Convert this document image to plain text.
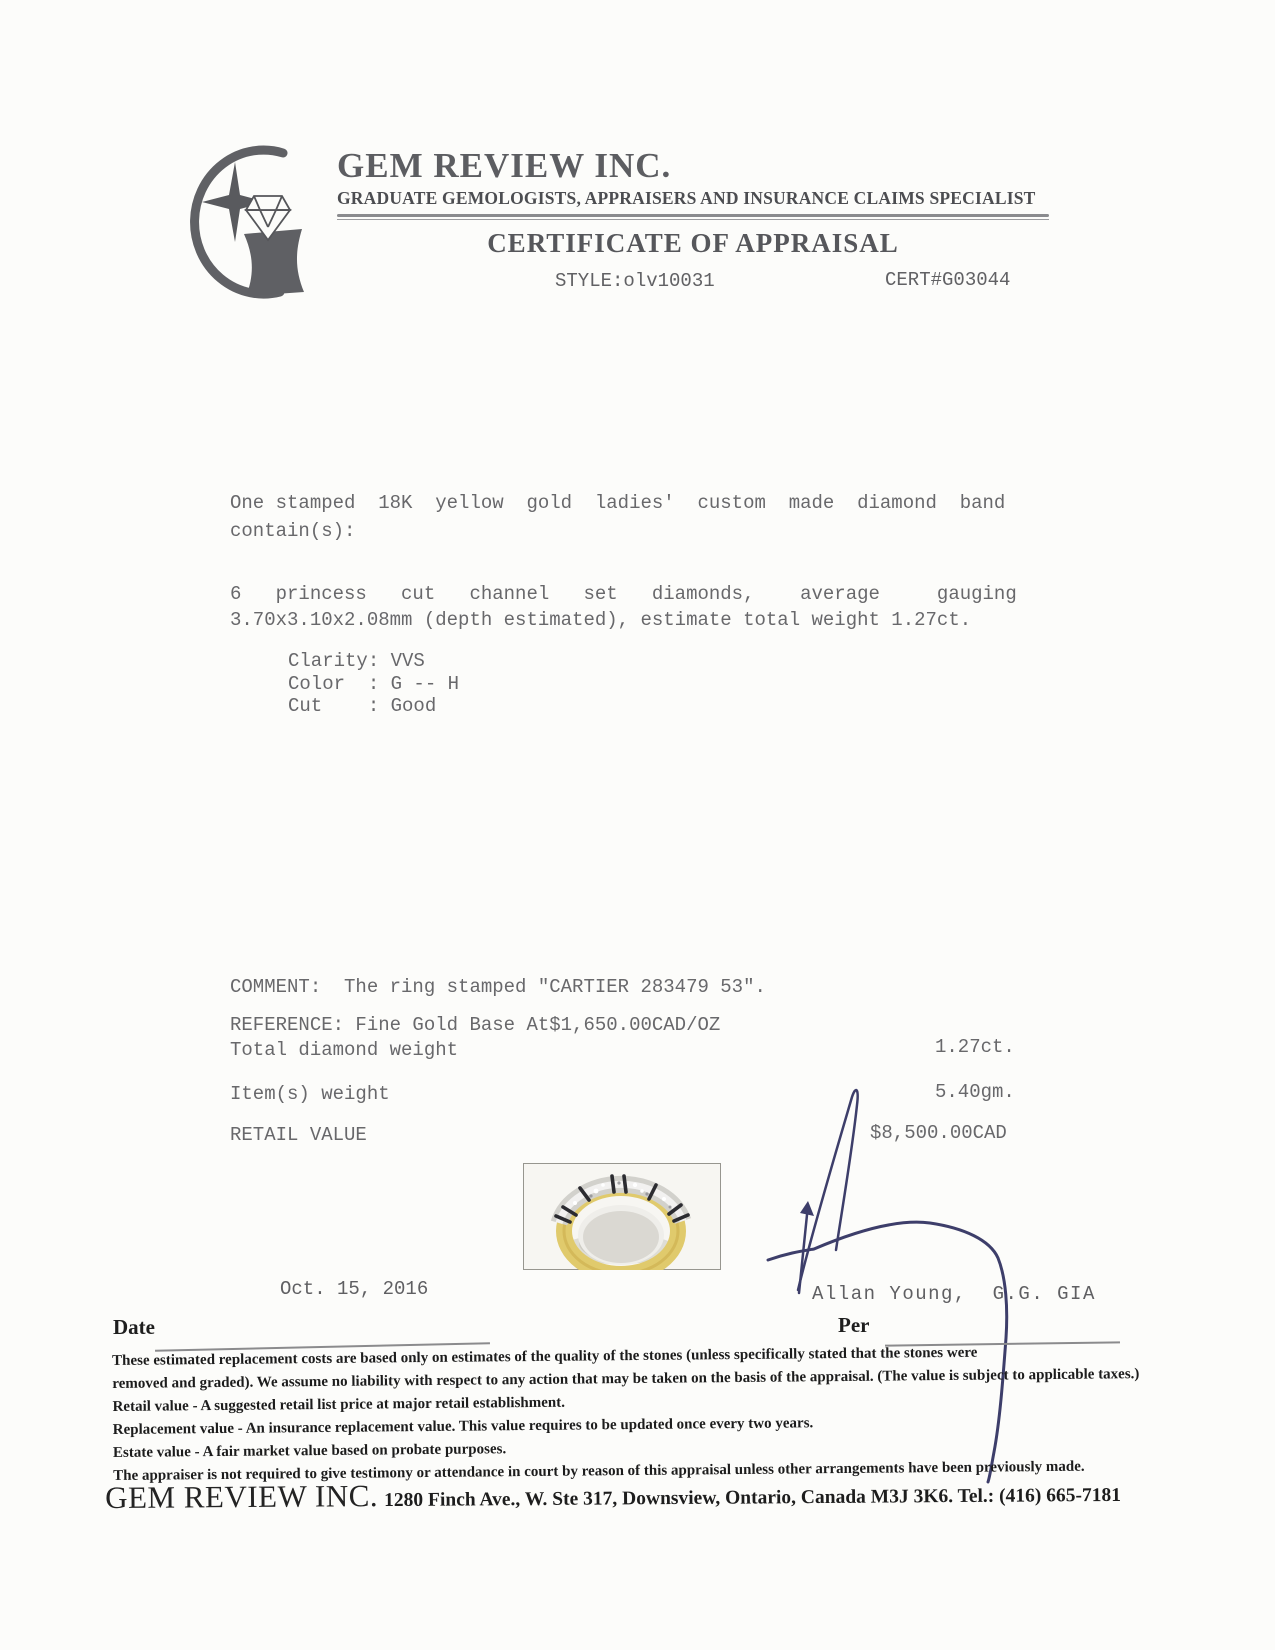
GEM REVIEW INC.
GRADUATE GEMOLOGISTS, APPRAISERS AND INSURANCE CLAIMS SPECIALIST
CERTIFICATE OF APPRAISAL
STYLE:olv10031	CERT#G03044
One stamped  18K  yellow  gold  ladies'  custom  made  diamond  band
contain(s):
6   princess   cut   channel   set   diamonds,    average     gauging
3.70x3.10x2.08mm (depth estimated), estimate total weight 1.27ct.
Clarity: VVS
Color  : G -- H
Cut    : Good
COMMENT:  The ring stamped "CARTIER 283479 53".
REFERENCE: Fine Gold Base At$1,650.00CAD/OZ
Total diamond weight	1.27ct.
Item(s) weight	5.40gm.
RETAIL VALUE	$8,500.00CAD
Oct. 15, 2016	Allan Young,  G.G. GIA
Date	Per
These estimated replacement costs are based only on estimates of the quality of the stones (unless specifically stated that the stones were
removed and graded). We assume no liability with respect to any action that may be taken on the basis of the appraisal. (The value is subject to applicable taxes.)
Retail value - A suggested retail list price at major retail establishment.
Replacement value - An insurance replacement value. This value requires to be updated once every two years.
Estate value - A fair market value based on probate purposes.
The appraiser is not required to give testimony or attendance in court by reason of this appraisal unless other arrangements have been previously made.
GEM REVIEW INC. 1280 Finch Ave., W. Ste 317, Downsview, Ontario, Canada M3J 3K6. Tel.: (416) 665-7181
